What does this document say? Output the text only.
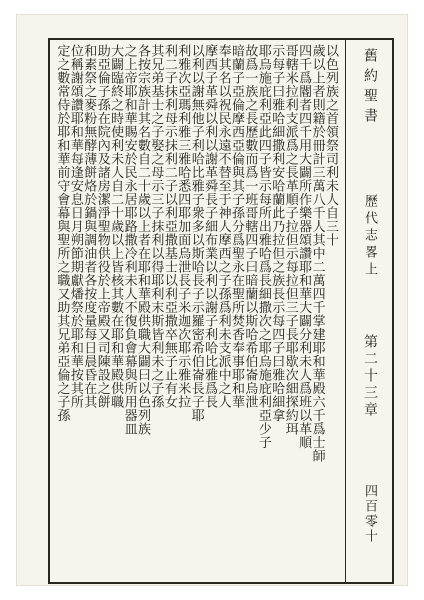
舊約聖書
歷代志畧上
第二十三章
四百零十
以色列族之首領祭司利未人自三十
歲以上者則籍於冊計三萬八千人其中二萬四千掌建耶和華殿六千爲士師
四千爲閽者四千用大闢所作樂器頌讚耶和華大闢分利未人爲班以革順
哥轄米拉利支派爲之長革順子拉但示每拉但三子長耶歇次細探約珥
示每子曰雅哈細撒利安哈蘭此乃拉但之族長示每四子曰雅哈細拿
耶烏施庇利亞此四子皆示每所出雅哈爲長細撒次之耶烏施庇利亞少子
故爲一族之長歷數而爲一班哥轄四子曰暗蘭以斯哈希伯崙烏泄
暗蘭子亞倫摩西亞倫與其子孫分爲聖永在聖所焚香奉事耶和華
奉其名以祝民永遠不替至于神人摩西之子孫爲利未支派中之人
摩西子革舜以利以謝革舜長子細布業以利以謝子利哈比雅爲長
以利以謝無他子利哈比雅子衆多以斯哈長子示羅密希伯崙長子耶
利雅次亞瑪利雅三雅哈悉四耶加面烏泄長子米迦次耶示雅米拉
利二子抹利母示抹利二子以利亞撒基士以利亞撒卒無子止有女
其兄弟基士之子娶之母示三子抹利以得耶利末斯皆利未之子孫
各按宗族計其名數自二十歲以上者在耶和華殿供職大闢曰以色列族
之上帝耶和華賜安於民永居耶路撒冷利未人不復負會幕與所用器皿
大闢臨終之時使利未人自二十歲以上皆核其數在耶和華殿供職
助亞倫子孫在院內及諸房潔淨聖物供役於上帝殿又司陳設之餅
和素祭之麥粉無酵薄餅烙於鍋與調油者各按度量每日晨昏在其
位稱謝頌讚耶和華每逢安息日月朔節期獻燔祭於耶和華按其所
定之數常侍於耶和華前守會幕與聖所之職又助其兄弟亞倫之子孫
